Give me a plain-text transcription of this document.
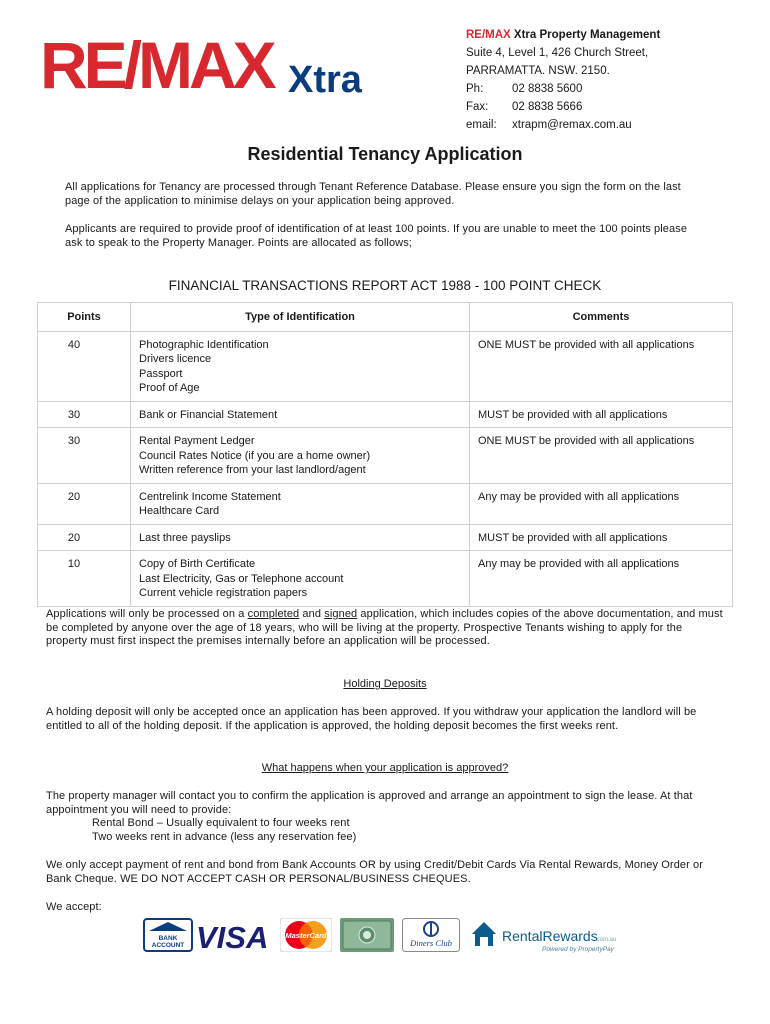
RE/MAX Xtra
RE/MAX Xtra Property Management
Suite 4, Level 1, 426 Church Street,
PARRAMATTA. NSW. 2150.
Ph:	02 8838 5600
Fax:	02 8838 5666
email:	xtrapm@remax.com.au
Residential Tenancy Application
All applications for Tenancy are processed through Tenant Reference Database. Please ensure you sign the form on the last page of the application to minimise delays on your application being approved.
Applicants are required to provide proof of identification of at least 100 points. If you are unable to meet the 100 points please ask to speak to the Property Manager. Points are allocated as follows;
FINANCIAL TRANSACTIONS REPORT ACT 1988 - 100 POINT CHECK
Points	Type of Identification	Comments
40	Photographic Identification
Drivers licence
Passport
Proof of Age	ONE MUST be provided with all applications
30	Bank or Financial Statement	MUST be provided with all applications
30	Rental Payment Ledger
Council Rates Notice (if you are a home owner)
Written reference from your last landlord/agent	ONE MUST be provided with all applications
20	Centrelink Income Statement
Healthcare Card	Any may be provided with all applications
20	Last three payslips	MUST be provided with all applications
10	Copy of Birth Certificate
Last Electricity, Gas or Telephone account
Current vehicle registration papers	Any may be provided with all applications
Applications will only be processed on a completed and signed application, which includes copies of the above documentation, and must be completed by anyone over the age of 18 years, who will be living at the property. Prospective Tenants wishing to apply for the property must first inspect the premises internally before an application will be processed.
Holding Deposits
A holding deposit will only be accepted once an application has been approved. If you withdraw your application the landlord will be entitled to all of the holding deposit. If the application is approved, the holding deposit becomes the first weeks rent.
What happens when your application is approved?
The property manager will contact you to confirm the application is approved and arrange an appointment to sign the lease. At that appointment you will need to provide:
Rental Bond – Usually equivalent to four weeks rent
Two weeks rent in advance (less any reservation fee)
We only accept payment of rent and bond from Bank Accounts OR by using Credit/Debit Cards Via Rental Rewards, Money Order or Bank Cheque. WE DO NOT ACCEPT CASH OR PERSONAL/BUSINESS CHEQUES.
We accept:
BANK
ACCOUNT VISA MasterCard
Diners Club	RentalRewards
.com.au
Powered by PropertyPay
